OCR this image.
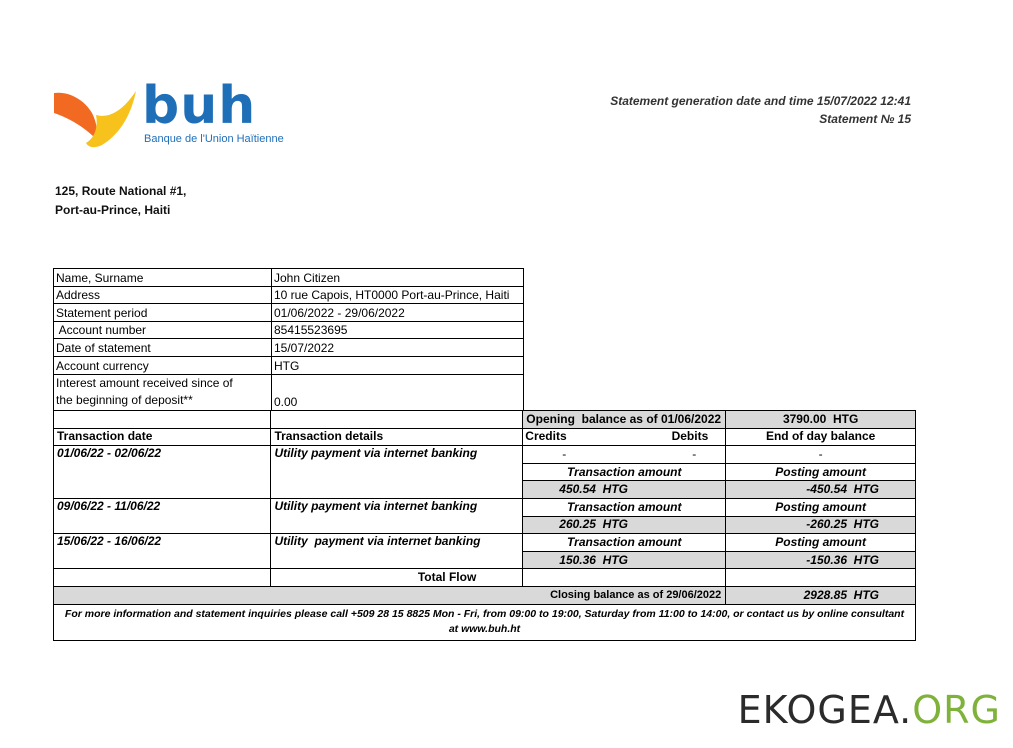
buh
Banque de l'Union Haïtienne
Statement generation date and time 15/07/2022 12:41
Statement № 15
125, Route National #1,
Port-au-Prince, Haiti
Name, Surname	John Citizen
Address	10 rue Capois, HT0000 Port-au-Prince, Haiti
Statement period	01/06/2022 - 29/06/2022
Account number	85415523695
Date of statement	15/07/2022
Account currency	HTG

Interest amount received since of
the beginning of deposit**	0.00
		Opening  balance as of 01/06/2022	3790.00  HTG
Transaction date	Transaction details	Credits Debits	End of day balance
01/06/22 - 02/06/22	Utility payment via internet banking	- -	-
		Transaction amount	Posting amount
		450.54  HTG	-450.54  HTG
09/06/22 - 11/06/22	Utility payment via internet banking	Transaction amount	Posting amount
		260.25  HTG	-260.25  HTG
15/06/22 - 16/06/22	Utility  payment via internet banking	Transaction amount	Posting amount
		150.36  HTG	-150.36  HTG
	Total Flow		
Closing balance as of 29/06/2022			2928.85  HTG
For more information and statement inquiries please call +509 28 15 8825 Mon - Fri, from 09:00 to 19:00, Saturday from 11:00 to 14:00, or contact us by online consultant at www.buh.ht			
EKOGEA.ORG
